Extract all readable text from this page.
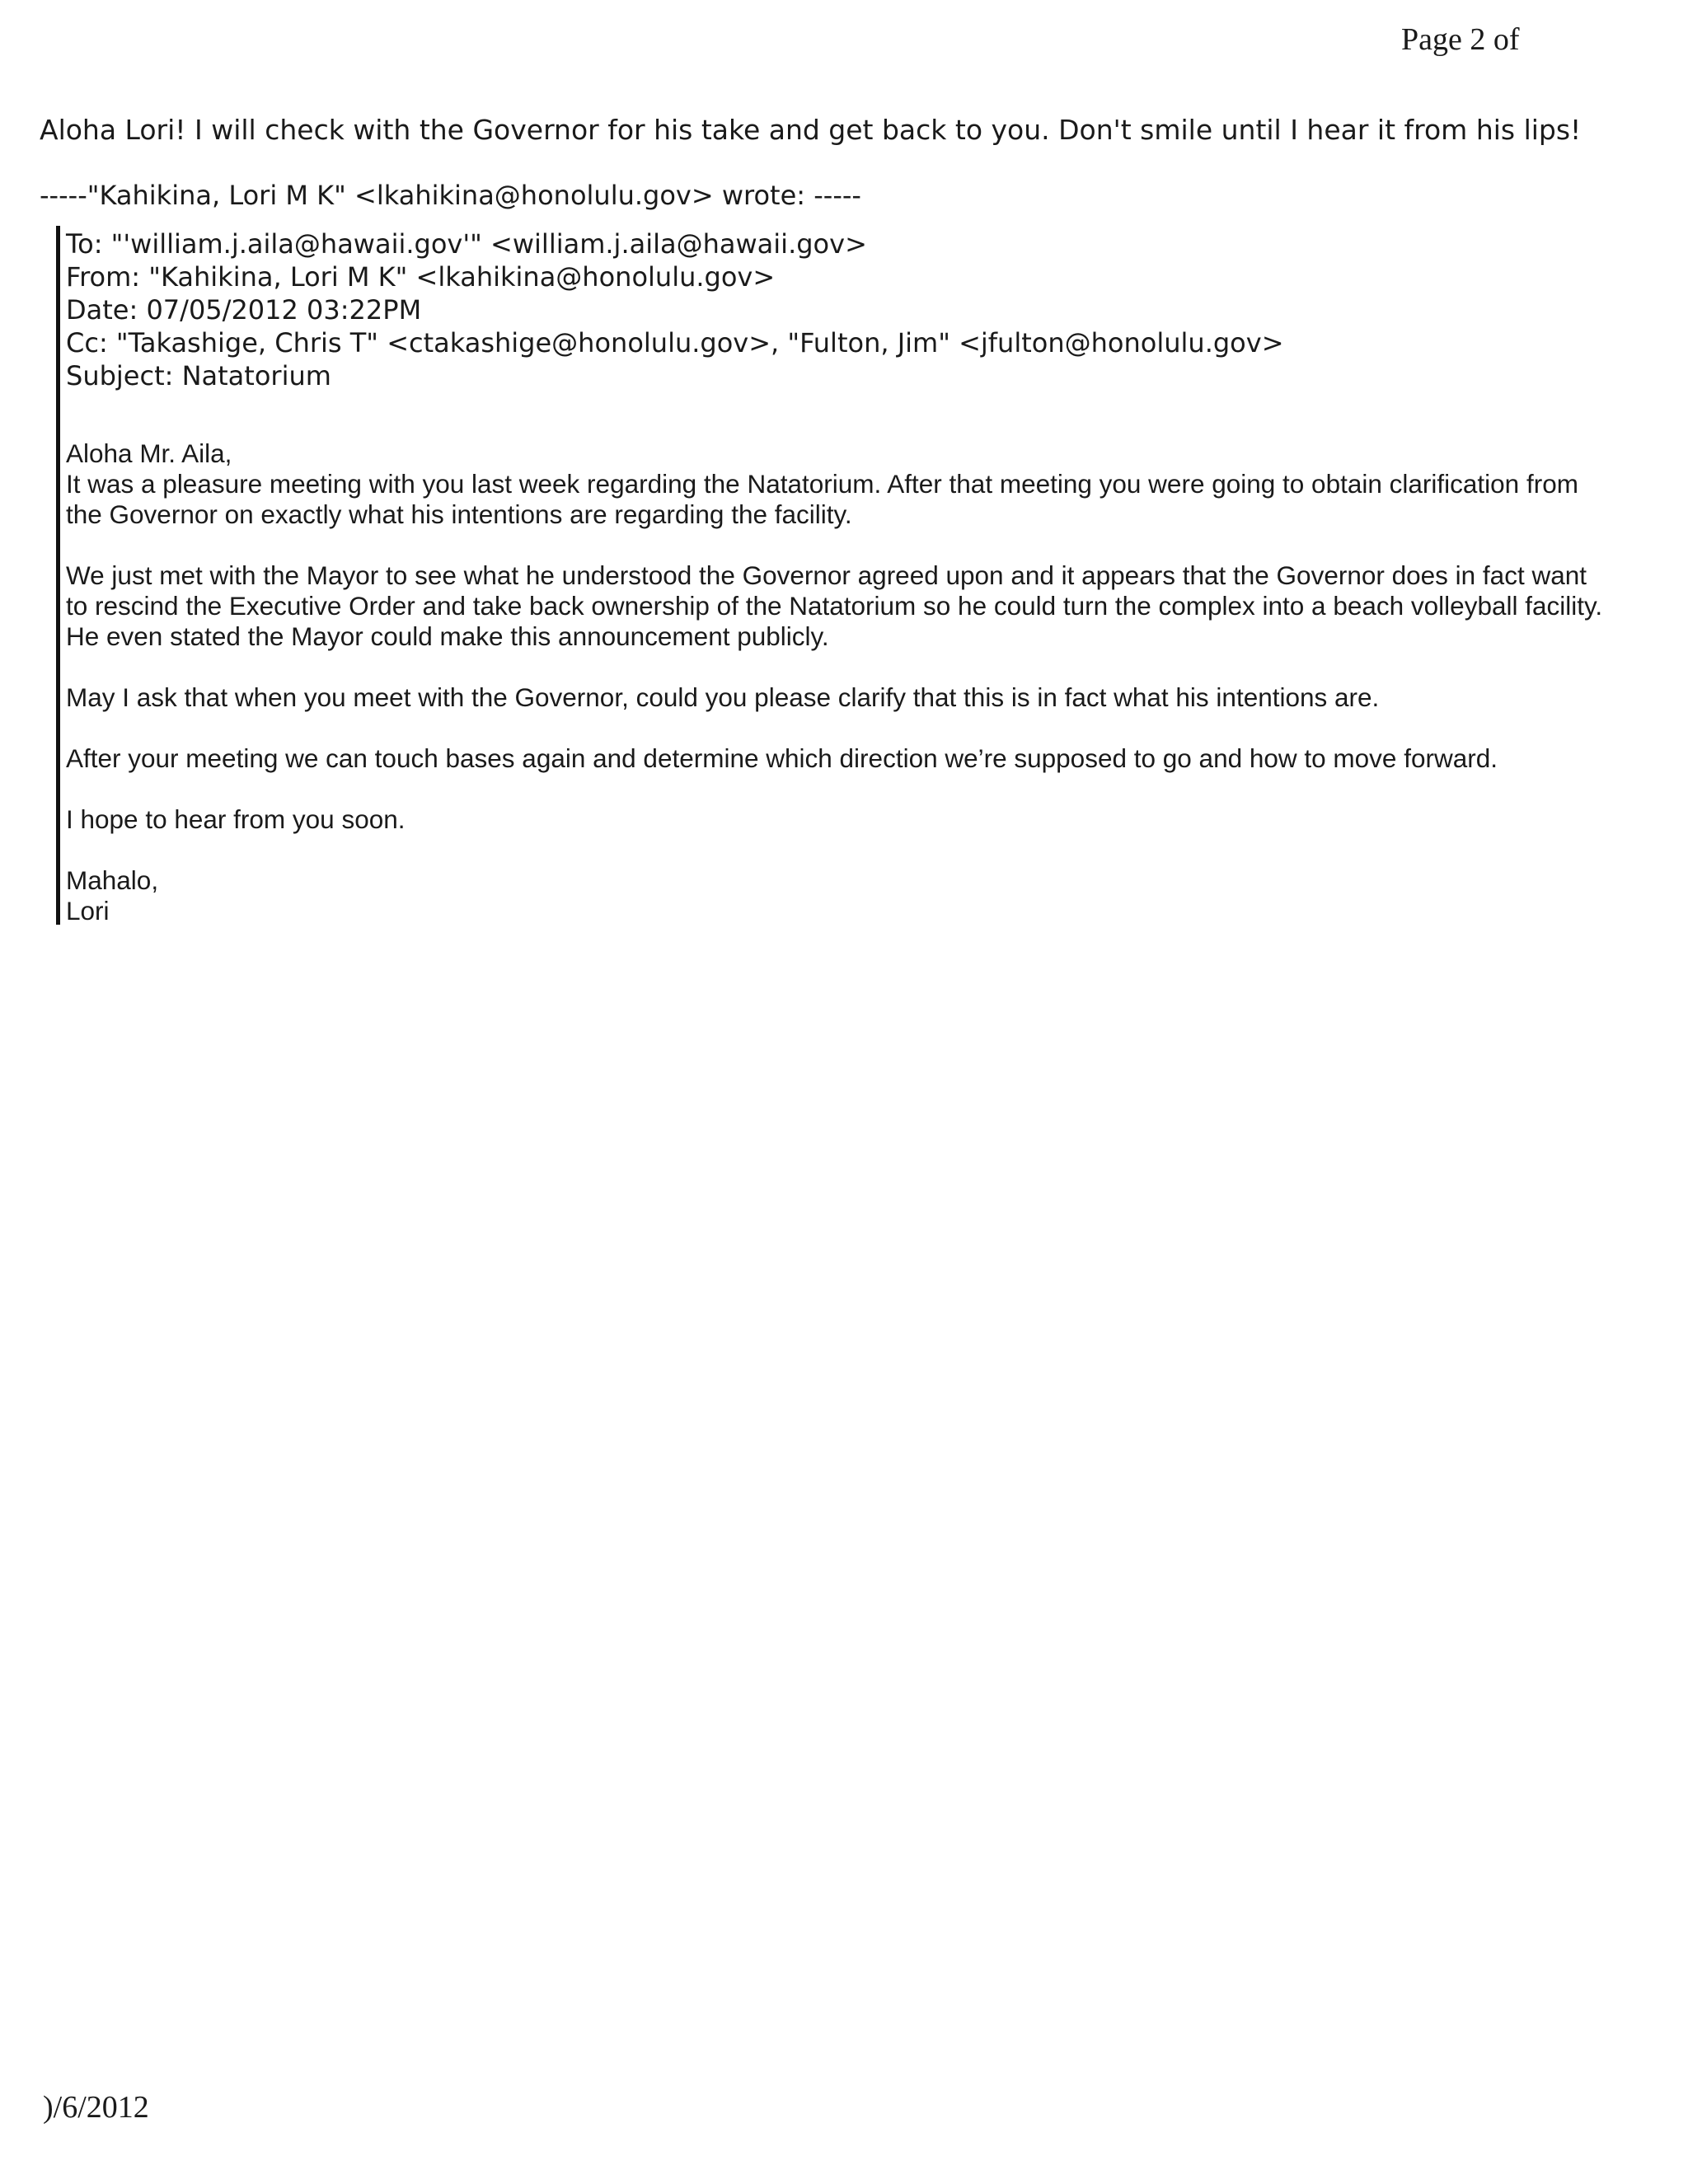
Page 2 of
Aloha Lori! I will check with the Governor for his take and get back to you. Don't smile until I hear it from his lips!
-----"Kahikina, Lori M K" <lkahikina@honolulu.gov> wrote: -----
To: "'william.j.aila@hawaii.gov'" <william.j.aila@hawaii.gov>
From: "Kahikina, Lori M K" <lkahikina@honolulu.gov>
Date: 07/05/2012 03:22PM
Cc: "Takashige, Chris T" <ctakashige@honolulu.gov>, "Fulton, Jim" <jfulton@honolulu.gov>
Subject: Natatorium

Aloha Mr. Aila,

It was a pleasure meeting with you last week regarding the Natatorium. After that meeting you were going to obtain clarification from the Governor on exactly what his intentions are regarding the facility.

We just met with the Mayor to see what he understood the Governor agreed upon and it appears that the Governor does in fact want to rescind the Executive Order and take back ownership of the Natatorium so he could turn the complex into a beach volleyball facility. He even stated the Mayor could make this announcement publicly.

May I ask that when you meet with the Governor, could you please clarify that this is in fact what his intentions are.

After your meeting we can touch bases again and determine which direction we’re supposed to go and how to move forward.

I hope to hear from you soon.

Mahalo,
Lori
)/6/2012
